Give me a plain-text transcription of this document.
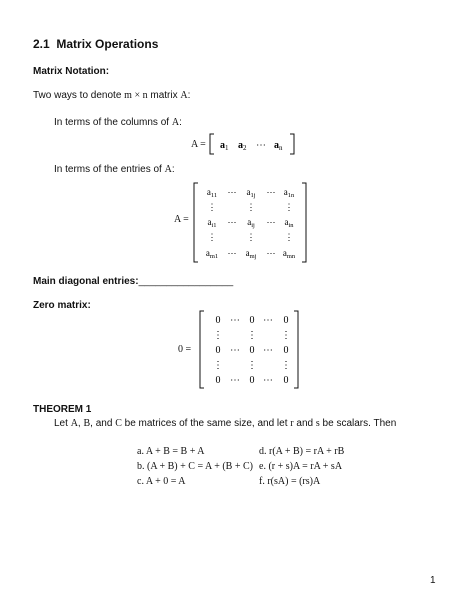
2.1 Matrix Operations
Matrix Notation:
Two ways to denote m × n matrix A:
In terms of the columns of A:
$A = a_1$ $a_2$ ⋯ $a_n$
In terms of the entries of A:
A =
$a_{11}$ ⋯ $a_{1j}$ ⋯ $a_{1n}$
⋮	⋮	⋮
$a_{i1}$ ⋯ $a_{ij}$ ⋯ $a_{in}$
⋮	⋮	⋮
$a_{m1}$ ⋯ $a_{mj}$ ⋯ $a_{mn}$
Main diagonal entries:_________________
Zero matrix:
0 =
0 ⋯ 0 ⋯ 0
⋮ ⋮ ⋮
0 ⋯ 0 ⋯ 0
⋮ ⋮ ⋮
0 ⋯ 0 ⋯ 0
THEOREM 1
Let A, B, and C be matrices of the same size, and let r and s be scalars. Then
a. A + B = B + A
b. (A + B) + C = A + (B + C)
c. A + 0 = A
d. r(A + B) = rA + rB
e. (r + s)A = rA + sA
f. r(sA) = (rs)A
1
